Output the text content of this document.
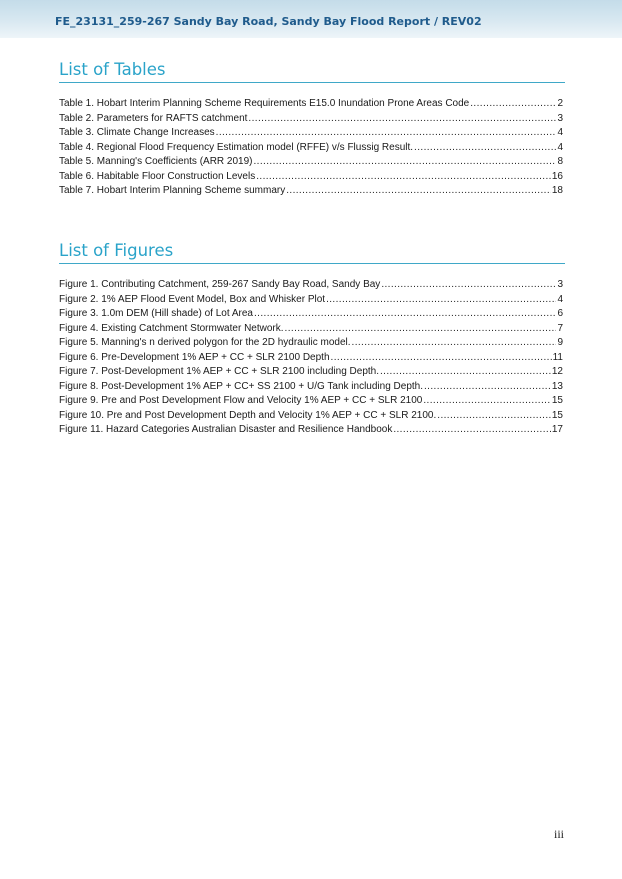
FE_23131_259-267 Sandy Bay Road, Sandy Bay Flood Report / REV02
List of Tables
Table 1. Hobart Interim Planning Scheme Requirements E15.0 Inundation Prone Areas Code .....	2
Table 2. Parameters for RAFTS catchment .....	3
Table 3. Climate Change Increases .....	4
Table 4. Regional Flood Frequency Estimation model (RFFE) v/s Flussig Result. .....	4
Table 5. Manning's Coefficients (ARR 2019) .....	8
Table 6. Habitable Floor Construction Levels .....	16
Table 7. Hobart Interim Planning Scheme summary .....	18
List of Figures
Figure 1. Contributing Catchment, 259-267 Sandy Bay Road, Sandy Bay .....	3
Figure 2. 1% AEP Flood Event Model, Box and Whisker Plot .....	4
Figure 3. 1.0m DEM (Hill shade) of Lot Area .....	6
Figure 4. Existing Catchment Stormwater Network. .....	7
Figure 5. Manning's n derived polygon for the 2D hydraulic model. .....	9
Figure 6. Pre-Development 1% AEP + CC + SLR 2100 Depth .....	11
Figure 7. Post-Development 1% AEP + CC + SLR 2100 including Depth. .....	12
Figure 8. Post-Development 1% AEP + CC+ SS 2100 + U/G Tank including Depth. .....	13
Figure 9. Pre and Post Development Flow and Velocity 1% AEP + CC + SLR 2100 .....	15
Figure 10. Pre and Post Development Depth and Velocity 1% AEP + CC + SLR 2100. .....	15
Figure 11. Hazard Categories Australian Disaster and Resilience Handbook .....	17
iii
